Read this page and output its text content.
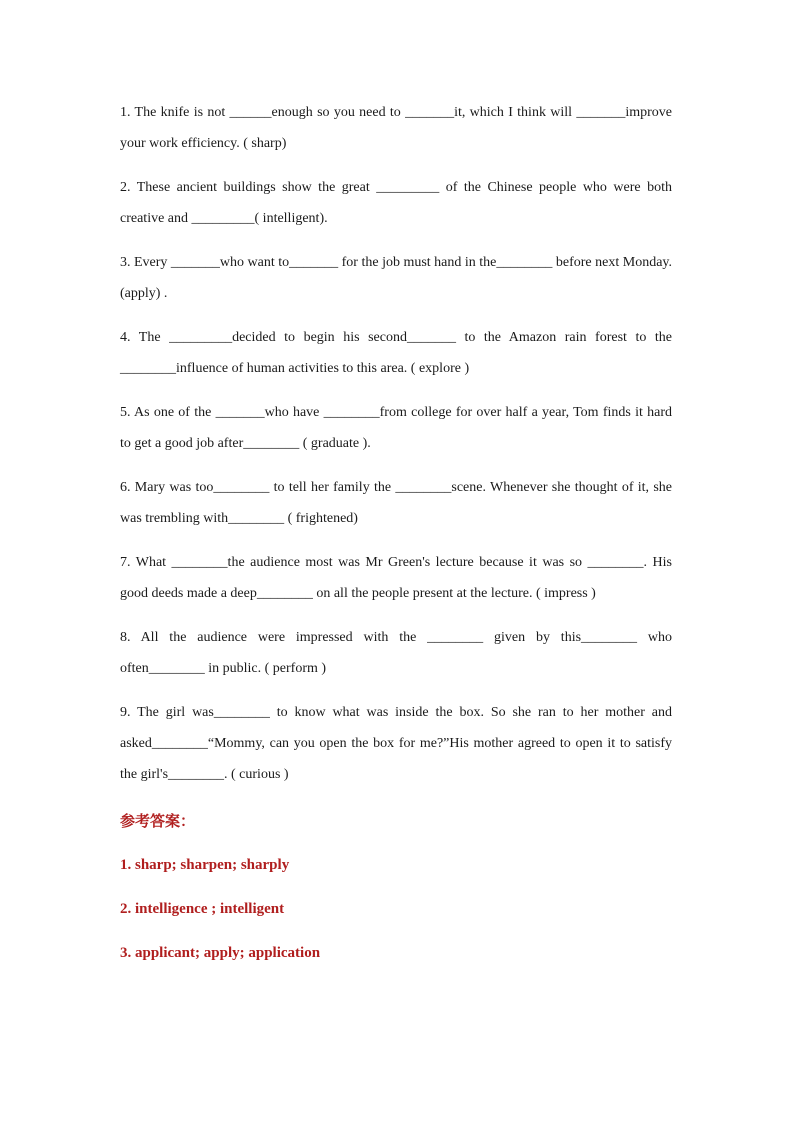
1. The knife is not ______enough so you need to _______it, which I think will _______improve your work efficiency. ( sharp)

2. These ancient buildings show the great _________ of the Chinese people who were both creative and _________( intelligent).

3. Every _______who want to_______ for the job must hand in the________ before next Monday. (apply) .

4. The _________decided to begin his second_______ to the Amazon rain forest to the ________influence of human activities to this area. ( explore )

5. As one of the _______who have ________from college for over half a year, Tom finds it hard to get a good job after________ ( graduate ).

6. Mary was too________ to tell her family the ________scene. Whenever she thought of it, she was trembling with________ ( frightened)

7. What ________the audience most was Mr Green's lecture because it was so ________. His good deeds made a deep________ on all the people present at the lecture. ( impress )

8. All the audience were impressed with the ________ given by this________ who often________ in public. ( perform )

9. The girl was________ to know what was inside the box. So she ran to her mother and asked________“Mommy, can you open the box for me?”His mother agreed to open it to satisfy the girl's________. ( curious )

参考答案：
1. sharp; sharpen; sharply
2. intelligence ; intelligent
3. applicant; apply; application
